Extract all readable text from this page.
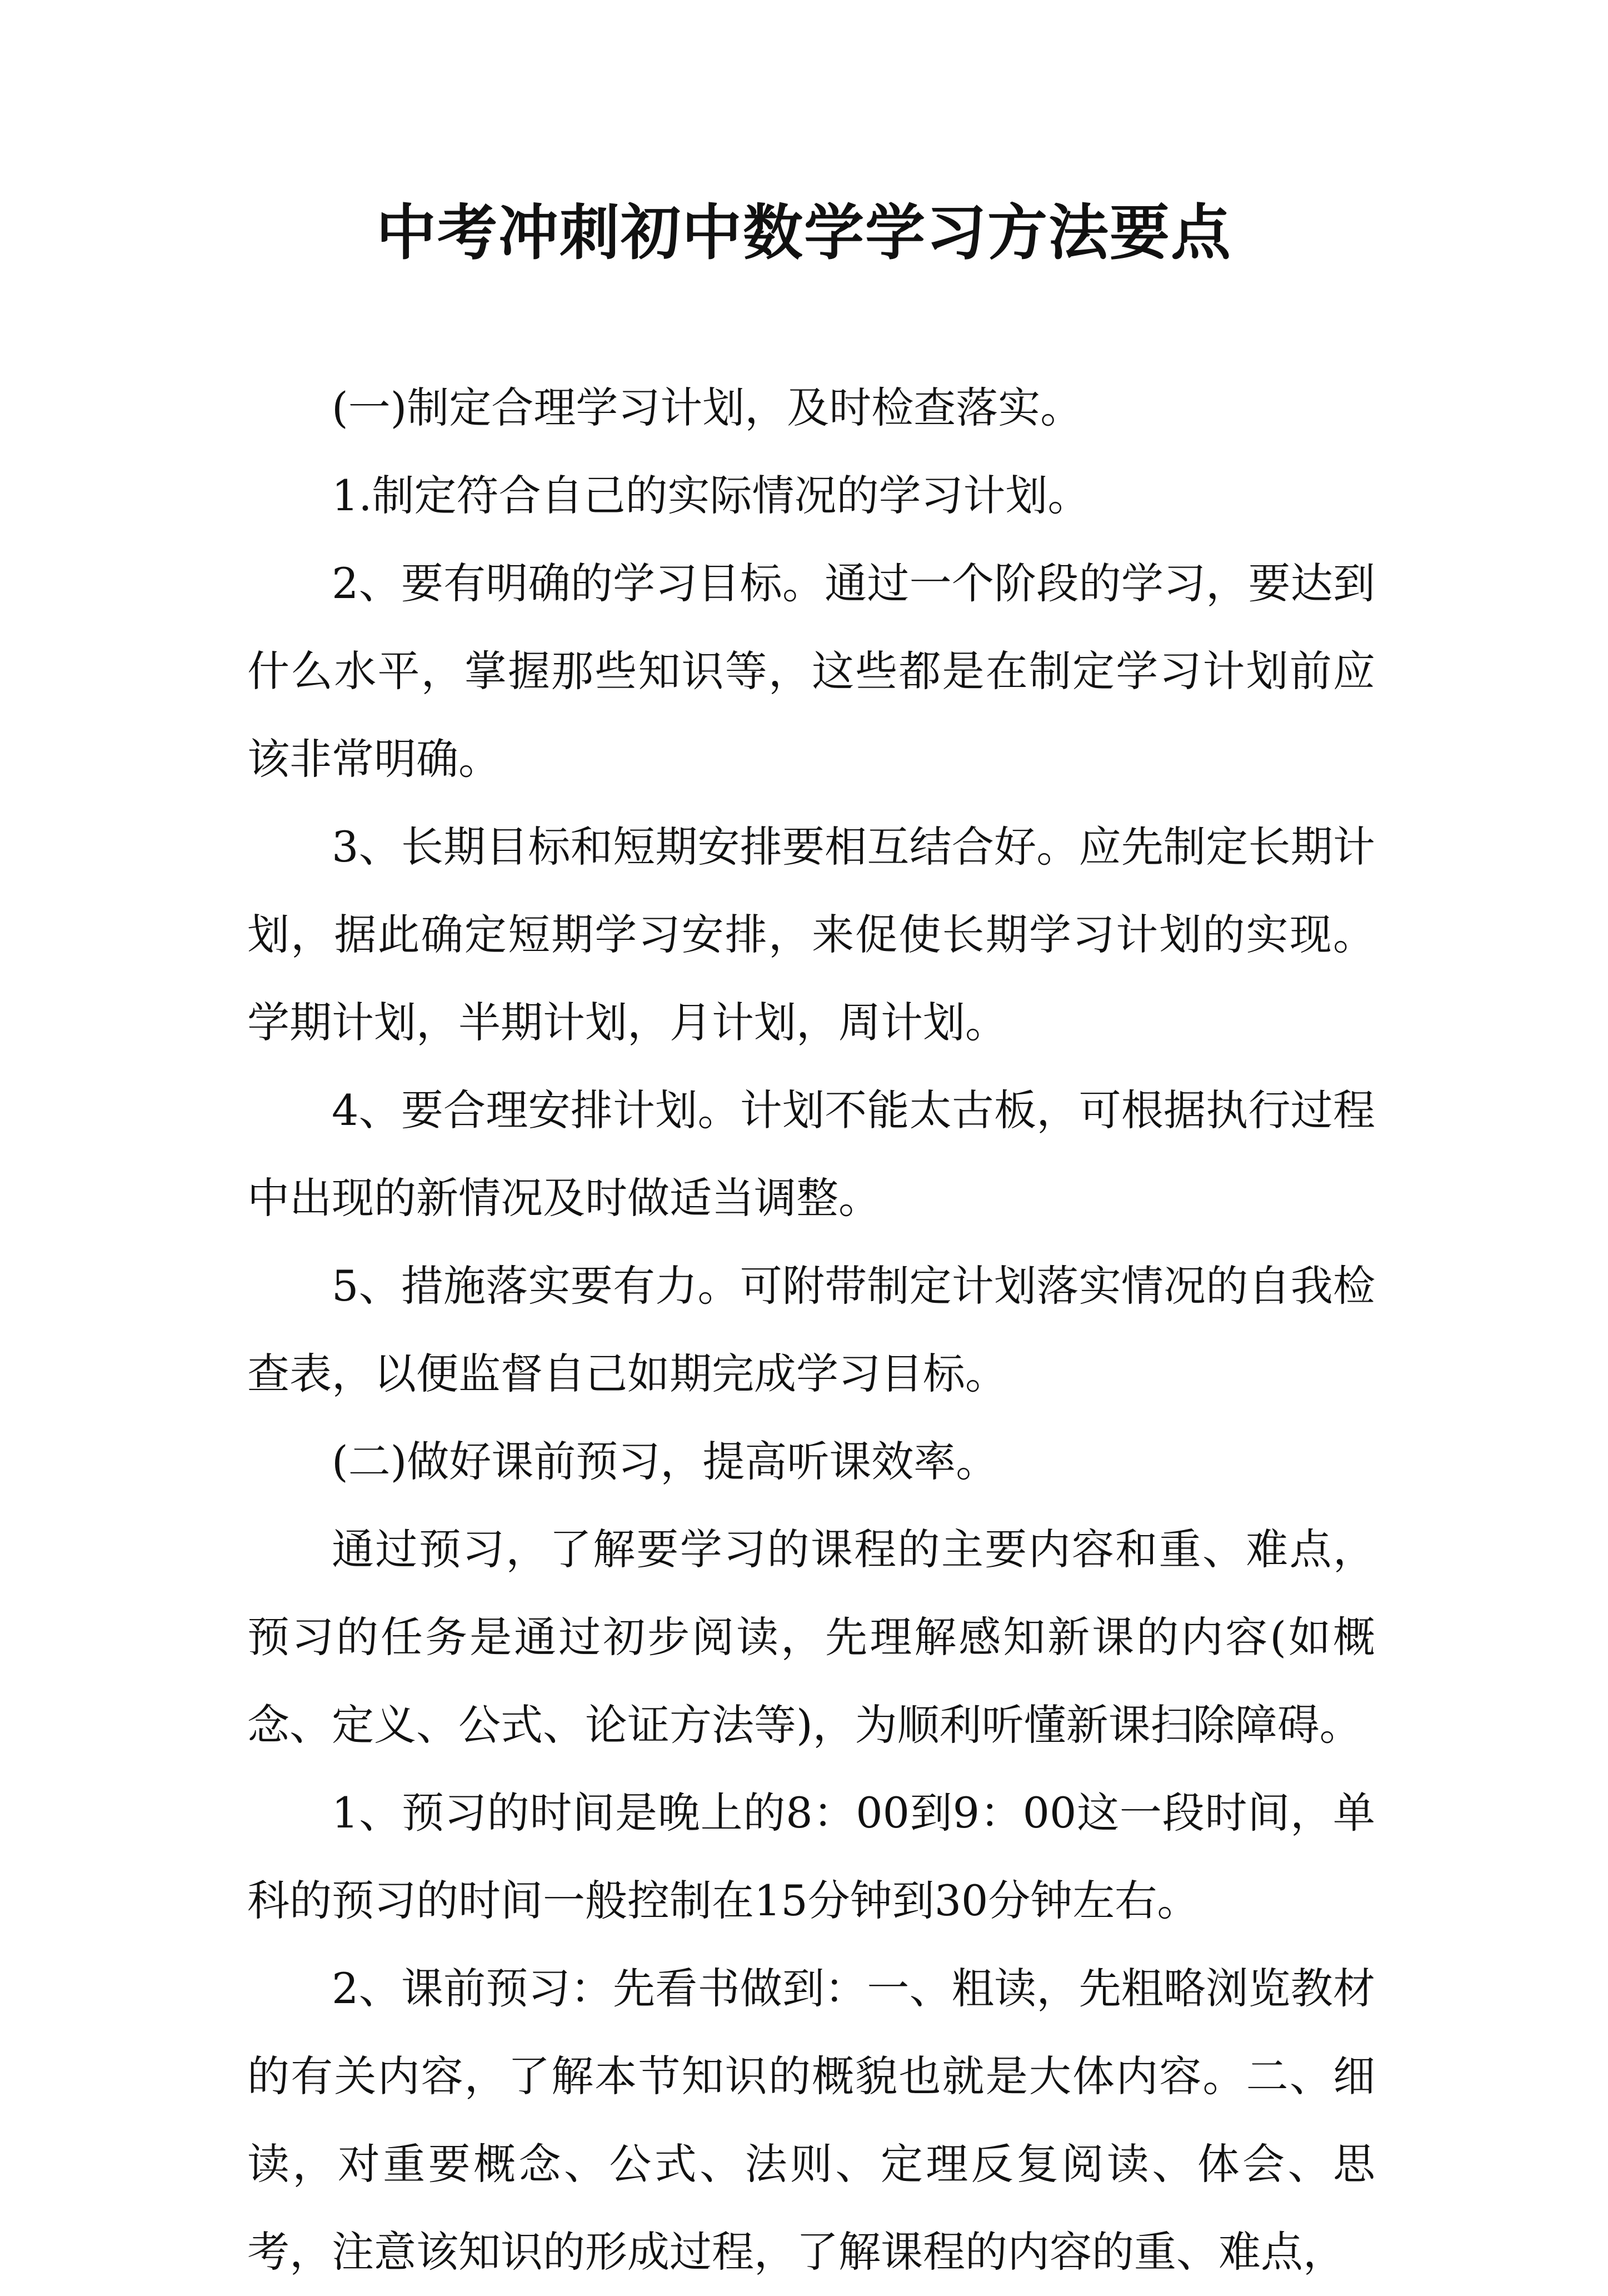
中考冲刺初中数学学习方法要点

(一)制定合理学习计划，及时检查落实。

1.制定符合自己的实际情况的学习计划。

2、要有明确的学习目标。通过一个阶段的学习，要达到什么水平，掌握那些知识等，这些都是在制定学习计划前应该非常明确。

3、长期目标和短期安排要相互结合好。应先制定长期计划，据此确定短期学习安排，来促使长期学习计划的实现。学期计划，半期计划，月计划，周计划。

4、要合理安排计划。计划不能太古板，可根据执行过程中出现的新情况及时做适当调整。

5、措施落实要有力。可附带制定计划落实情况的自我检查表，以便监督自己如期完成学习目标。

(二)做好课前预习，提高听课效率。

通过预习，了解要学习的课程的主要内容和重、难点，预习的任务是通过初步阅读，先理解感知新课的内容(如概念、定义、公式、论证方法等)，为顺利听懂新课扫除障碍。

1、预习的时间是晚上的8：00到9：00这一段时间，单科的预习的时间一般控制在15分钟到30分钟左右。

2、课前预习：先看书做到：一、粗读，先粗略浏览教材的有关内容，了解本节知识的概貌也就是大体内容。二、细读，对重要概念、公式、法则、定理反复阅读、体会、思考，注意该知识的形成过程，了解课程的内容的重、难点，
